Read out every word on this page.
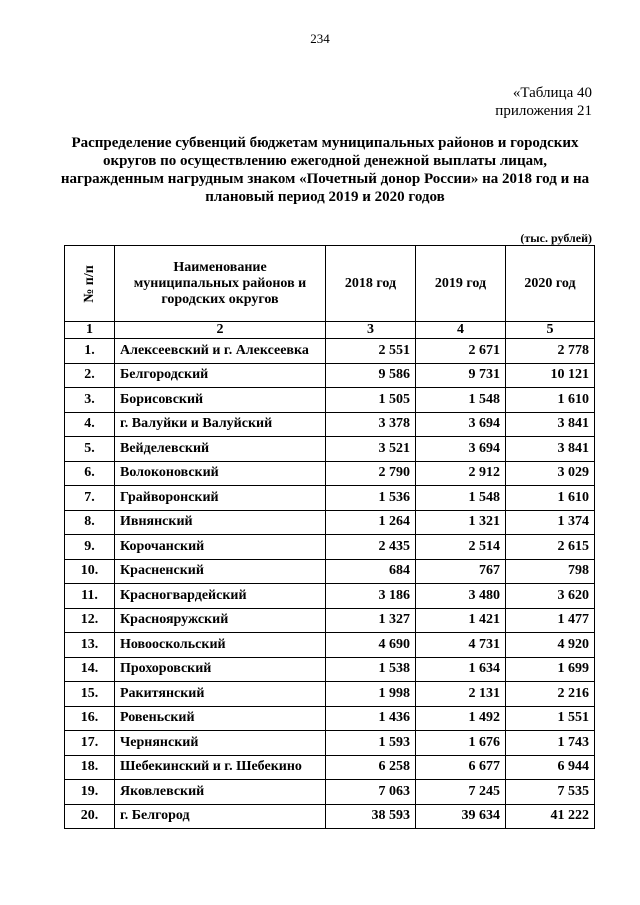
234
«Таблица 40
приложения 21
Распределение субвенций бюджетам муниципальных районов и городских округов по осуществлению ежегодной денежной выплаты лицам, награжденным нагрудным знаком «Почетный донор России» на 2018 год и на плановый период 2019 и 2020 годов
(тыс. рублей)
№ п/п	Наименование муниципальных районов и городских округов	2018 год	2019 год	2020 год
1	2	3	4	5
1.	Алексеевский и г. Алексеевка	2 551	2 671	2 778
2.	Белгородский	9 586	9 731	10 121
3.	Борисовский	1 505	1 548	1 610
4.	г. Валуйки и Валуйский	3 378	3 694	3 841
5.	Вейделевский	3 521	3 694	3 841
6.	Волоконовский	2 790	2 912	3 029
7.	Грайворонский	1 536	1 548	1 610
8.	Ивнянский	1 264	1 321	1 374
9.	Корочанский	2 435	2 514	2 615
10.	Красненский	684	767	798
11.	Красногвардейский	3 186	3 480	3 620
12.	Краснояружский	1 327	1 421	1 477
13.	Новооскольский	4 690	4 731	4 920
14.	Прохоровский	1 538	1 634	1 699
15.	Ракитянский	1 998	2 131	2 216
16.	Ровеньский	1 436	1 492	1 551
17.	Чернянский	1 593	1 676	1 743
18.	Шебекинский и г. Шебекино	6 258	6 677	6 944
19.	Яковлевский	7 063	7 245	7 535
20.	г. Белгород	38 593	39 634	41 222
